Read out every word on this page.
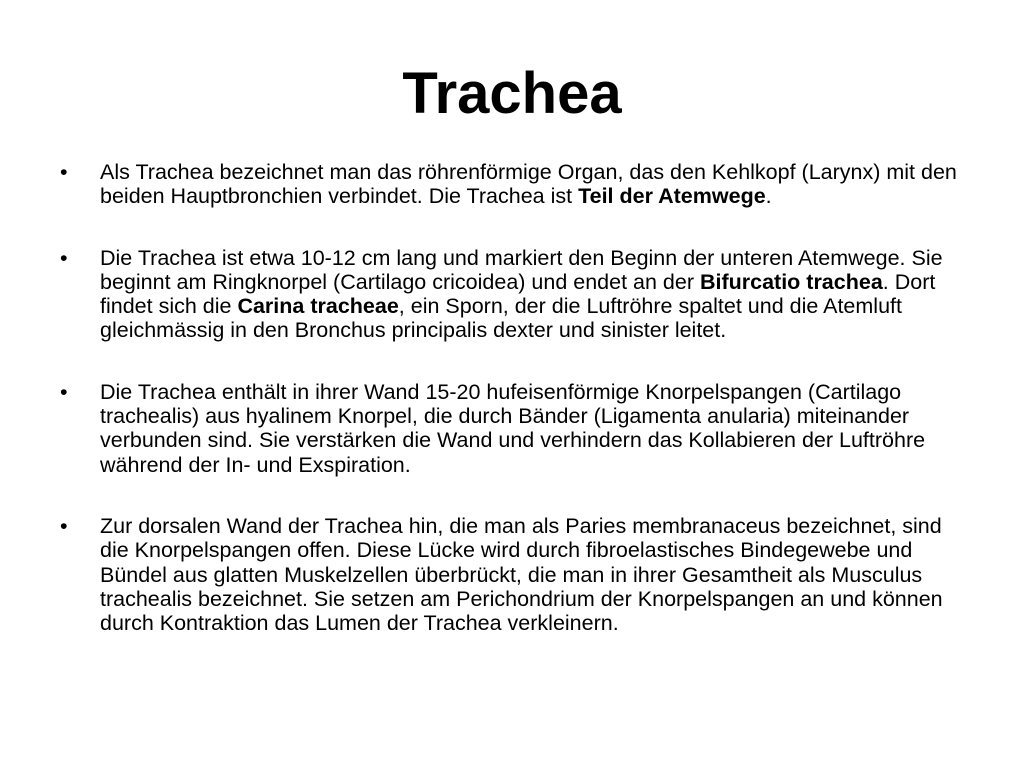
Trachea
• Als Trachea bezeichnet man das röhrenförmige Organ, das den Kehlkopf (Larynx) mit den beiden Hauptbronchien verbindet. Die Trachea ist Teil der Atemwege.
• Die Trachea ist etwa 10-12 cm lang und markiert den Beginn der unteren Atemwege. Sie beginnt am Ringknorpel (Cartilago cricoidea) und endet an der Bifurcatio trachea. Dort findet sich die Carina tracheae, ein Sporn, der die Luftröhre spaltet und die Atemluft gleichmässig in den Bronchus principalis dexter und sinister leitet.
• Die Trachea enthält in ihrer Wand 15-20 hufeisenförmige Knorpelspangen (Cartilago trachealis) aus hyalinem Knorpel, die durch Bänder (Ligamenta anularia) miteinander verbunden sind. Sie verstärken die Wand und verhindern das Kollabieren der Luftröhre während der In- und Exspiration.
• Zur dorsalen Wand der Trachea hin, die man als Paries membranaceus bezeichnet, sind die Knorpelspangen offen. Diese Lücke wird durch fibroelastisches Bindegewebe und Bündel aus glatten Muskelzellen überbrückt, die man in ihrer Gesamtheit als Musculus trachealis bezeichnet. Sie setzen am Perichondrium der Knorpelspangen an und können durch Kontraktion das Lumen der Trachea verkleinern.
